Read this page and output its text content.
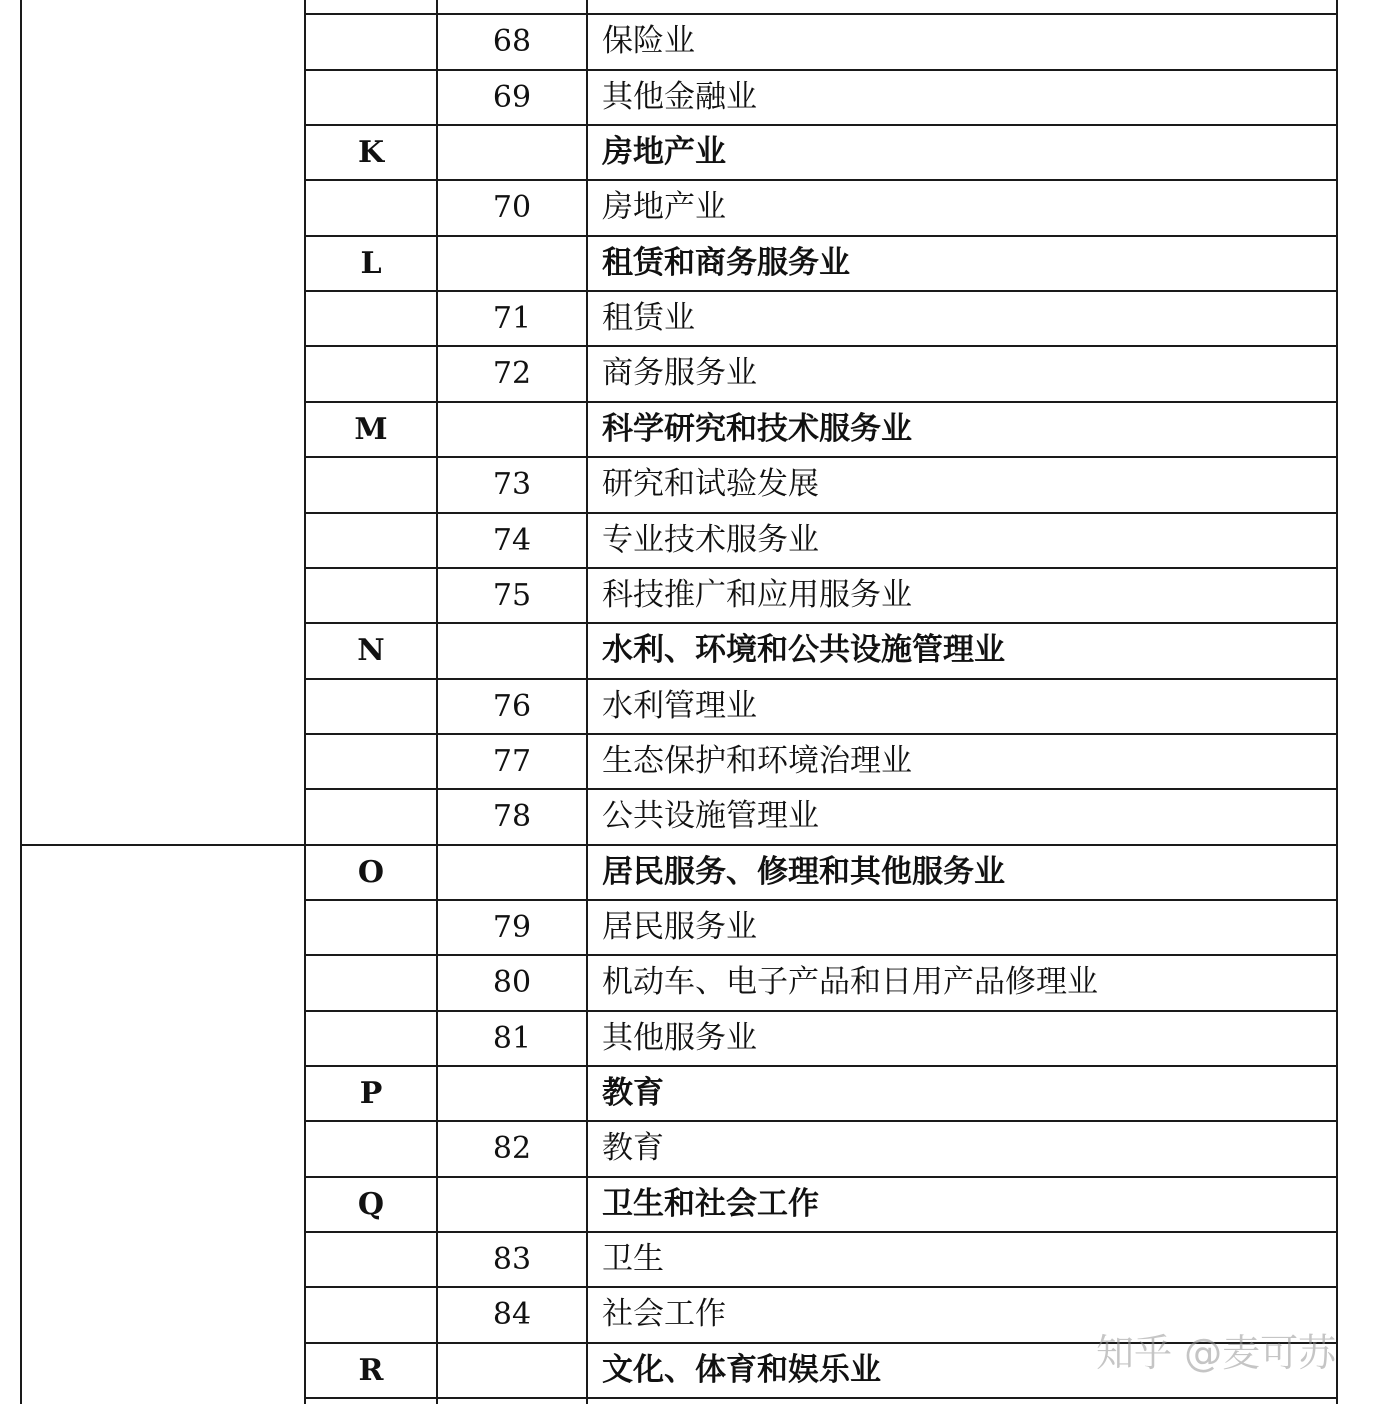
68	保险业
69	其他金融业
K	房地产业
70	房地产业
L	租赁和商务服务业
71	租赁业
72	商务服务业
M	科学研究和技术服务业
73	研究和试验发展
74	专业技术服务业
75	科技推广和应用服务业
N	水利、环境和公共设施管理业
76	水利管理业
77	生态保护和环境治理业
78	公共设施管理业
O	居民服务、修理和其他服务业
79	居民服务业
80	机动车、电子产品和日用产品修理业
81	其他服务业
P	教育
82	教育
Q	卫生和社会工作
83	卫生
84	社会工作
R	文化、体育和娱乐业	知乎 @麦可苏
